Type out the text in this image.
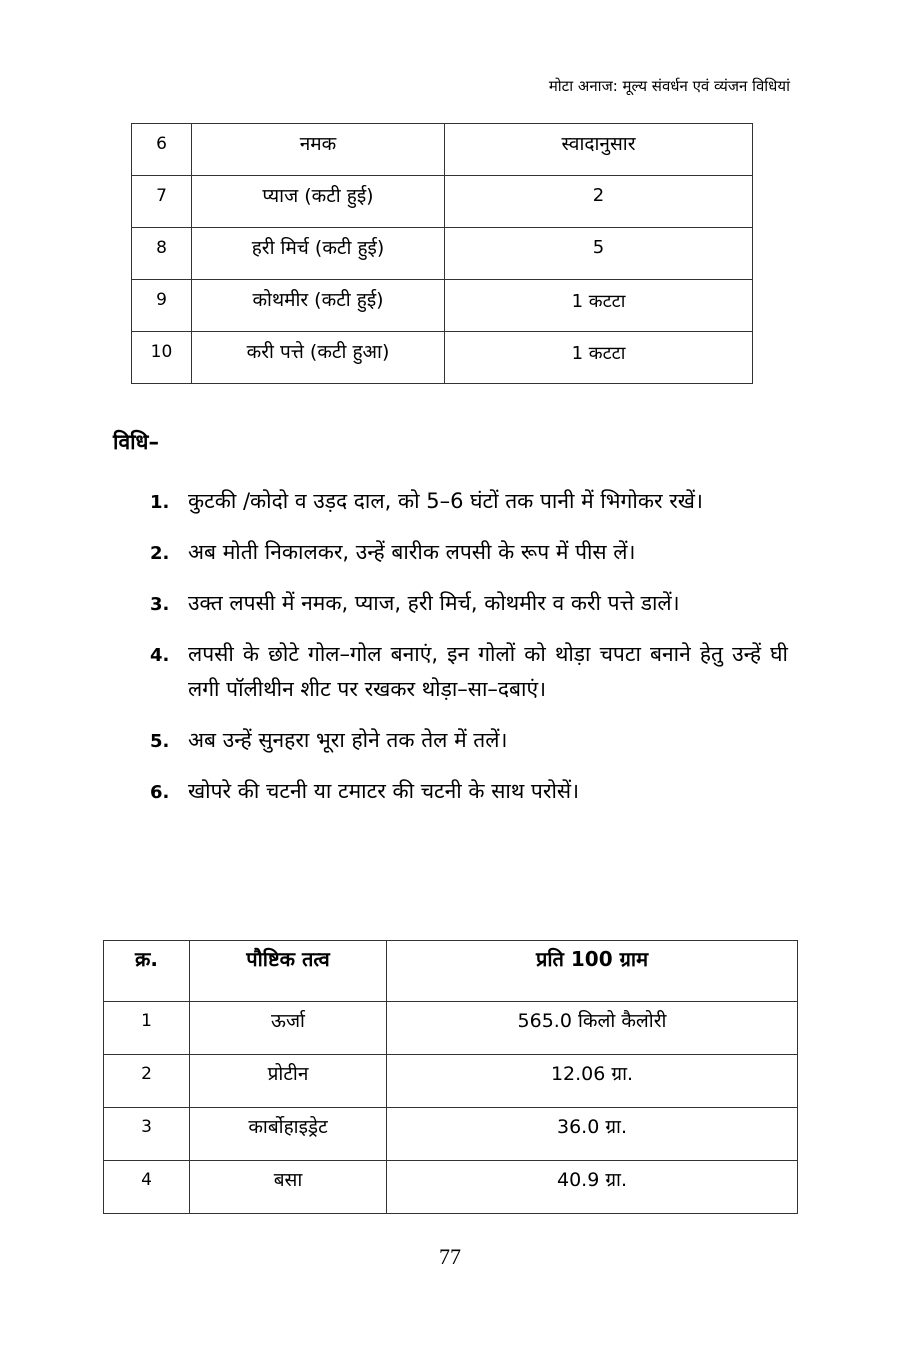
मोटा अनाज: मूल्य संवर्धन एवं व्यंजन विधियां
6	नमक	स्वादानुसार
7	प्याज (कटी हुई)	2
8	हरी मिर्च (कटी हुई)	5
9	कोथमीर (कटी हुई)	1 कटटा
10	करी पत्ते (कटी हुआ)	1 कटटा
विधि–
1. कुटकी /कोदो व उड़द दाल, को 5–6 घंटों तक पानी में भिगोकर रखें।
2. अब मोती निकालकर, उन्हें बारीक लपसी के रूप में पीस लें।
3. उक्त लपसी में नमक, प्याज, हरी मिर्च, कोथमीर व करी पत्ते डालें।
4. लपसी के छोटे गोल–गोल बनाएं, इन गोलों को थोड़ा चपटा बनाने हेतु उन्हें घी लगी पॉलीथीन शीट पर रखकर थोड़ा–सा–दबाएं।
5. अब उन्हें सुनहरा भूरा होने तक तेल में तलें।
6. खोपरे की चटनी या टमाटर की चटनी के साथ परोसें।
क्र.	पौष्टिक तत्व	प्रति 100 ग्राम
1	ऊर्जा	565.0 किलो कैलोरी
2	प्रोटीन	12.06 ग्रा.
3	कार्बोहाइड्रेट	36.0 ग्रा.
4	बसा	40.9 ग्रा.
77
